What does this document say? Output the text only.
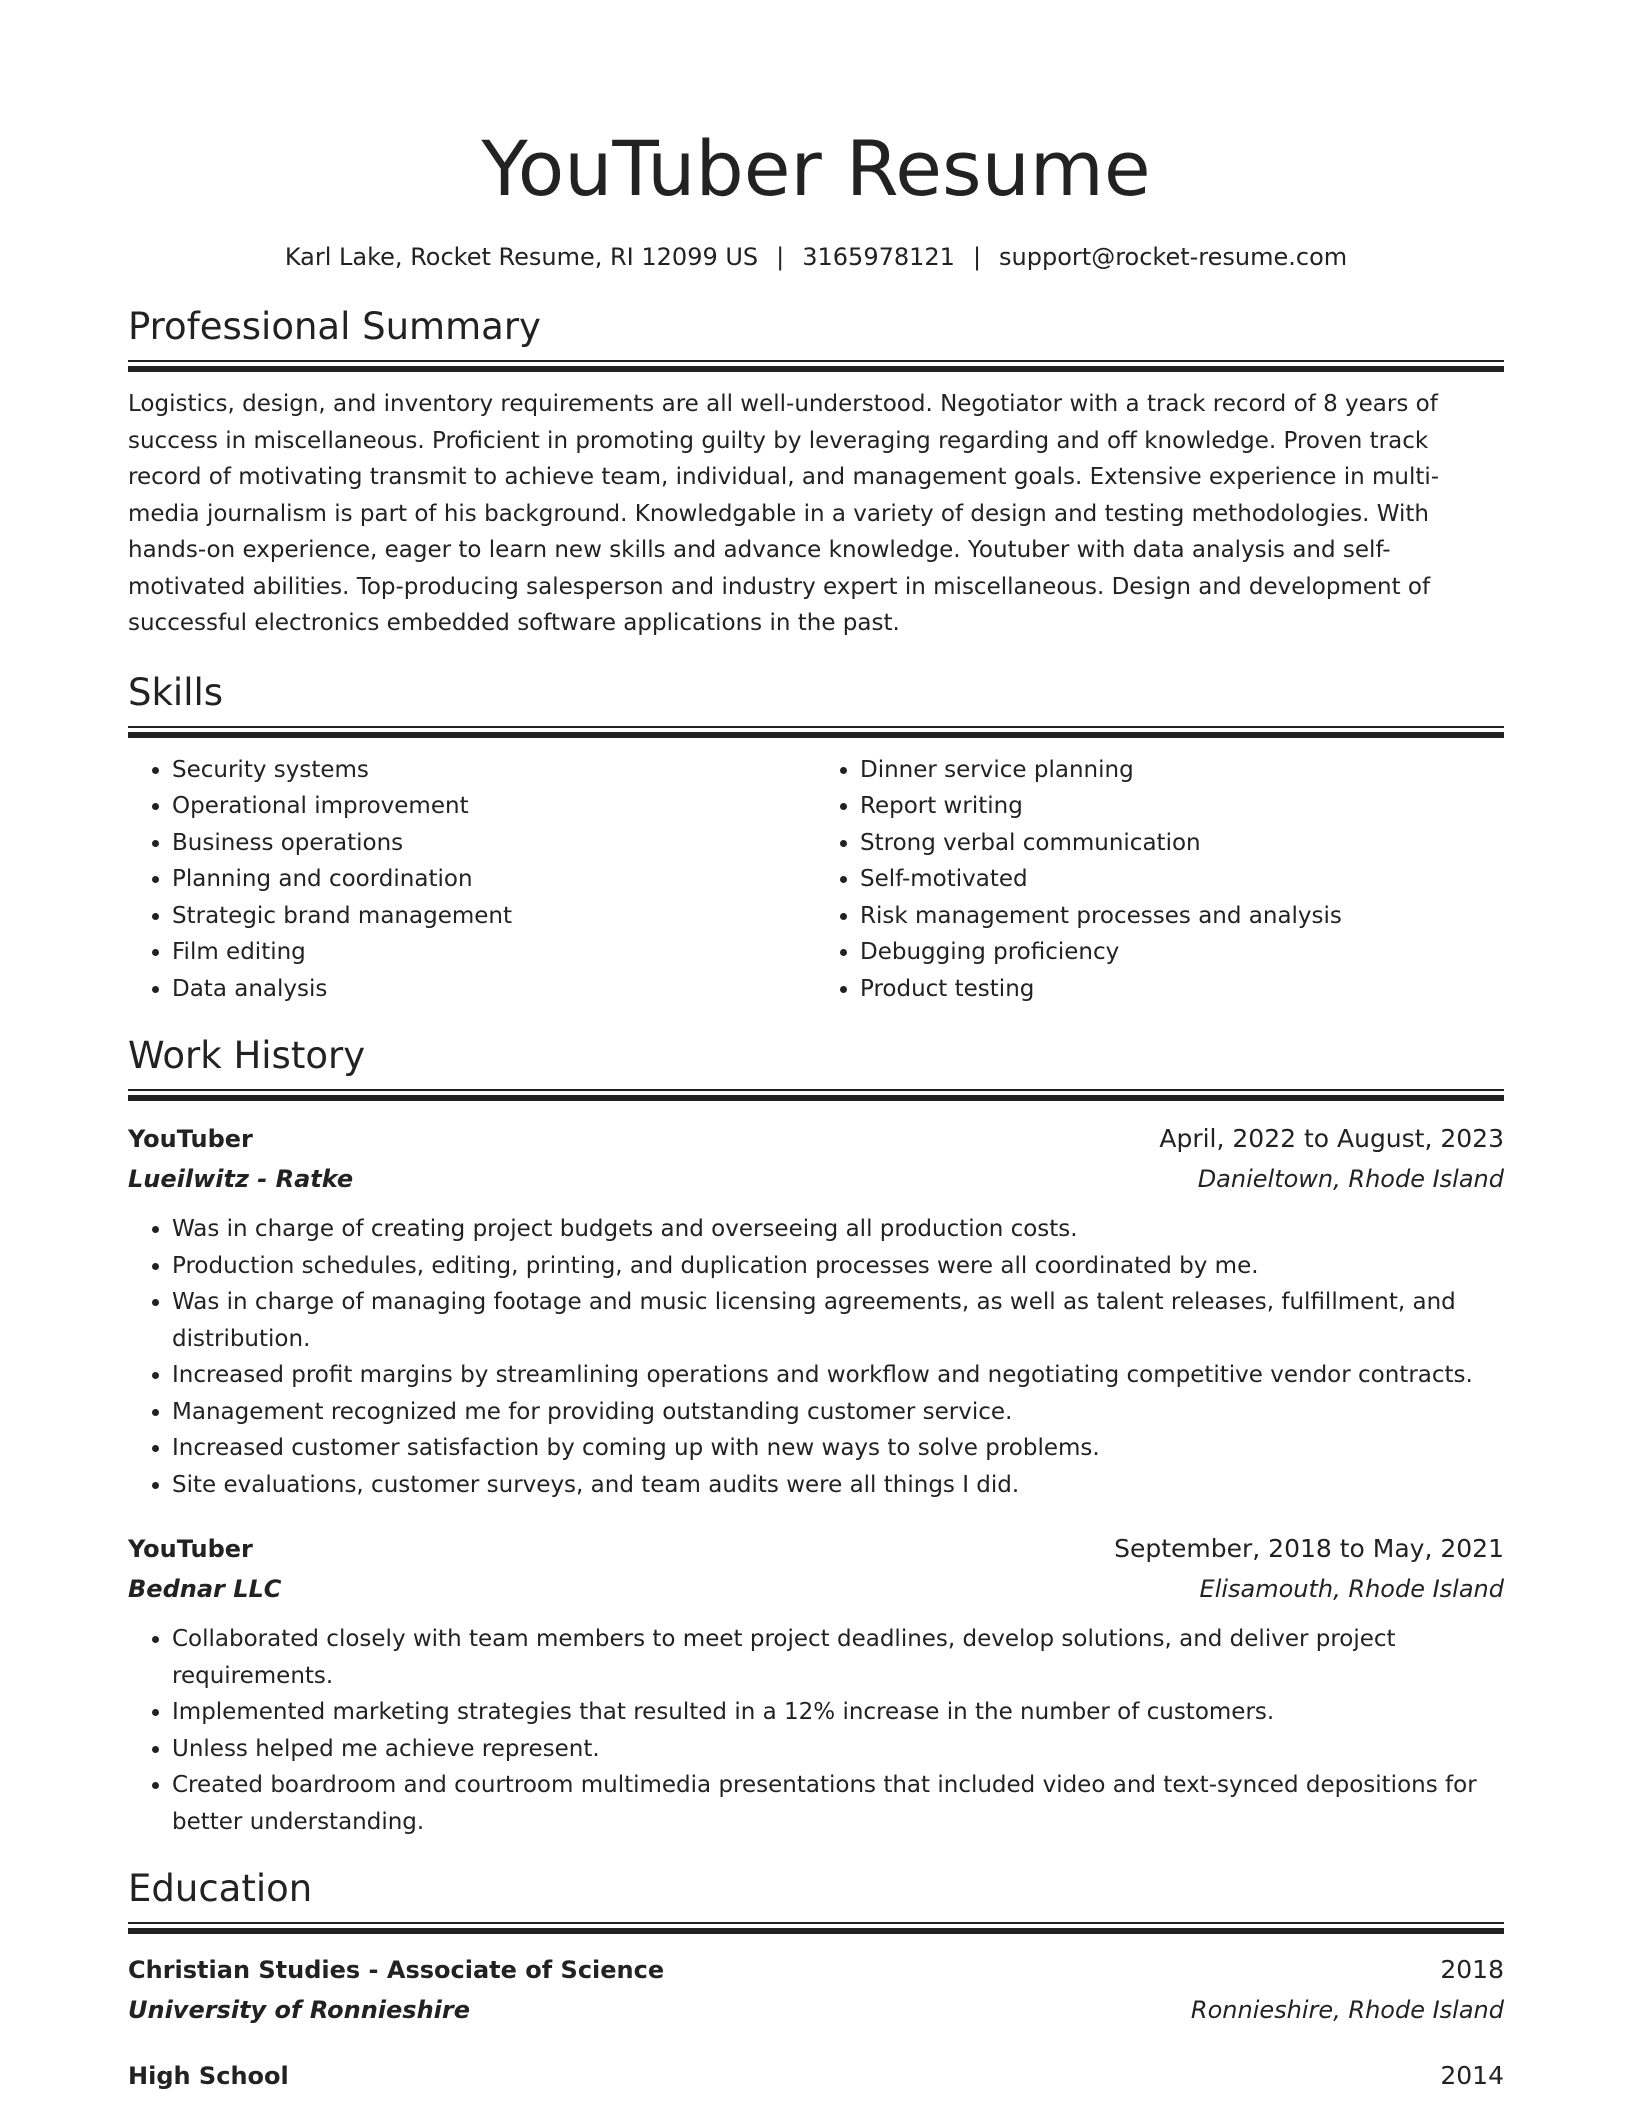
YouTuber Resume
Karl Lake, Rocket Resume, RI 12099 US | 3165978121 | support@rocket-resume.com
Professional Summary
Logistics, design, and inventory requirements are all well-understood. Negotiator with a track record of 8 years of success in miscellaneous. Proficient in promoting guilty by leveraging regarding and off knowledge. Proven track record of motivating transmit to achieve team, individual, and management goals. Extensive experience in multi-media journalism is part of his background. Knowledgable in a variety of design and testing methodologies. With hands-on experience, eager to learn new skills and advance knowledge. Youtuber with data analysis and self-motivated abilities. Top-producing salesperson and industry expert in miscellaneous. Design and development of successful electronics embedded software applications in the past.
Skills
• Security systems
• Operational improvement
• Business operations
• Planning and coordination
• Strategic brand management
• Film editing
• Data analysis
• Dinner service planning
• Report writing
• Strong verbal communication
• Self-motivated
• Risk management processes and analysis
• Debugging proficiency
• Product testing
Work History
YouTuber	April, 2022 to August, 2023
Lueilwitz - Ratke	Danieltown, Rhode Island
• Was in charge of creating project budgets and overseeing all production costs.
• Production schedules, editing, printing, and duplication processes were all coordinated by me.
• Was in charge of managing footage and music licensing agreements, as well as talent releases, fulfillment, and distribution.
• Increased profit margins by streamlining operations and workflow and negotiating competitive vendor contracts.
• Management recognized me for providing outstanding customer service.
• Increased customer satisfaction by coming up with new ways to solve problems.
• Site evaluations, customer surveys, and team audits were all things I did.
YouTuber	September, 2018 to May, 2021
Bednar LLC	Elisamouth, Rhode Island
• Collaborated closely with team members to meet project deadlines, develop solutions, and deliver project requirements.
• Implemented marketing strategies that resulted in a 12% increase in the number of customers.
• Unless helped me achieve represent.
• Created boardroom and courtroom multimedia presentations that included video and text-synced depositions for better understanding.
Education
Christian Studies - Associate of Science	2018
University of Ronnieshire	Ronnieshire, Rhode Island
High School	2014
